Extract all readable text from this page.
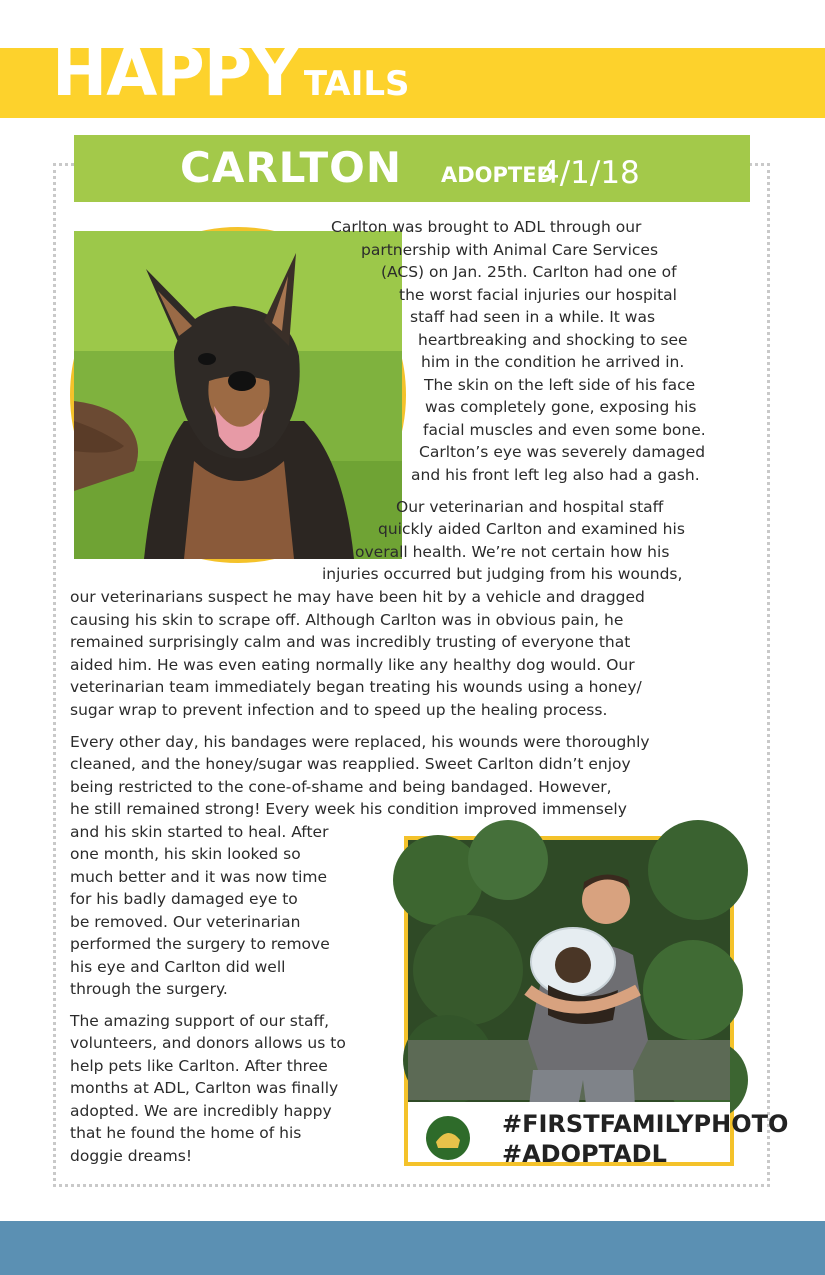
HAPPY TAILS
CARLTON ADOPTED
4/1/18
Carlton was brought to ADL through our
partnership with Animal Care Services
(ACS) on Jan. 25th. Carlton had one of
the worst facial injuries our hospital
staff had seen in a while. It was
heartbreaking and shocking to see
him in the condition he arrived in.
The skin on the left side of his face
was completely gone, exposing his
facial muscles and even some bone.
Carlton’s eye was severely damaged
and his front left leg also had a gash.
Our veterinarian and hospital staff
quickly aided Carlton and examined his
overall health. We’re not certain how his
injuries occurred but judging from his wounds,
our veterinarians suspect he may have been hit by a vehicle and dragged
causing his skin to scrape off. Although Carlton was in obvious pain, he
remained surprisingly calm and was incredibly trusting of everyone that
aided him. He was even eating normally like any healthy dog would. Our
veterinarian team immediately began treating his wounds using a honey/
sugar wrap to prevent infection and to speed up the healing process.
Every other day, his bandages were replaced, his wounds were thoroughly
cleaned, and the honey/sugar was reapplied. Sweet Carlton didn’t enjoy
being restricted to the cone-of-shame and being bandaged. However,
he still remained strong! Every week his condition improved immensely
and his skin started to heal. After
one month, his skin looked so
much better and it was now time
for his badly damaged eye to
be removed. Our veterinarian
performed the surgery to remove
his eye and Carlton did well
through the surgery.
The amazing support of our staff,
volunteers, and donors allows us to
help pets like Carlton. After three
months at ADL, Carlton was finally
adopted. We are incredibly happy
that he found the home of his
doggie dreams!
#FIRSTFAMILYPHOTO
#ADOPTADL
